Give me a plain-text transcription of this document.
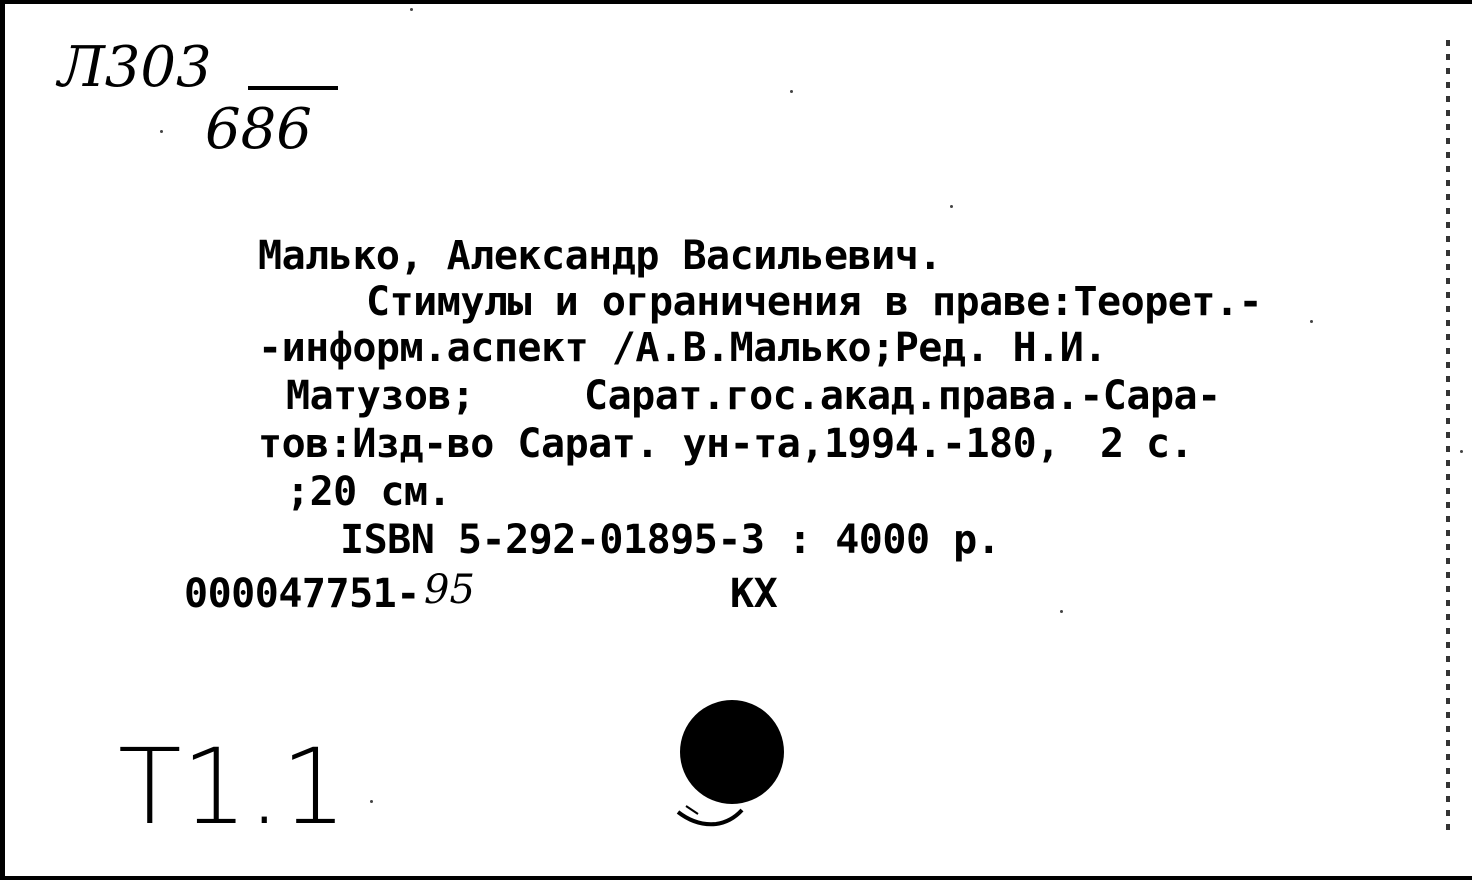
Л303
686
Малько, Александр Васильевич.
Стимулы и ограничения в праве:Теорет.-
-информ.аспект /А.В.Малько;Ред. Н.И.
Матузов;	Сарат.гос.акад.права.-Сара-
тов:Изд-во Сарат. ун-та,1994.-180, 2 с.
;20 см.
ISBN 5-292-01895-3 : 4000 р.
000047751- 95	КХ
T1.1
